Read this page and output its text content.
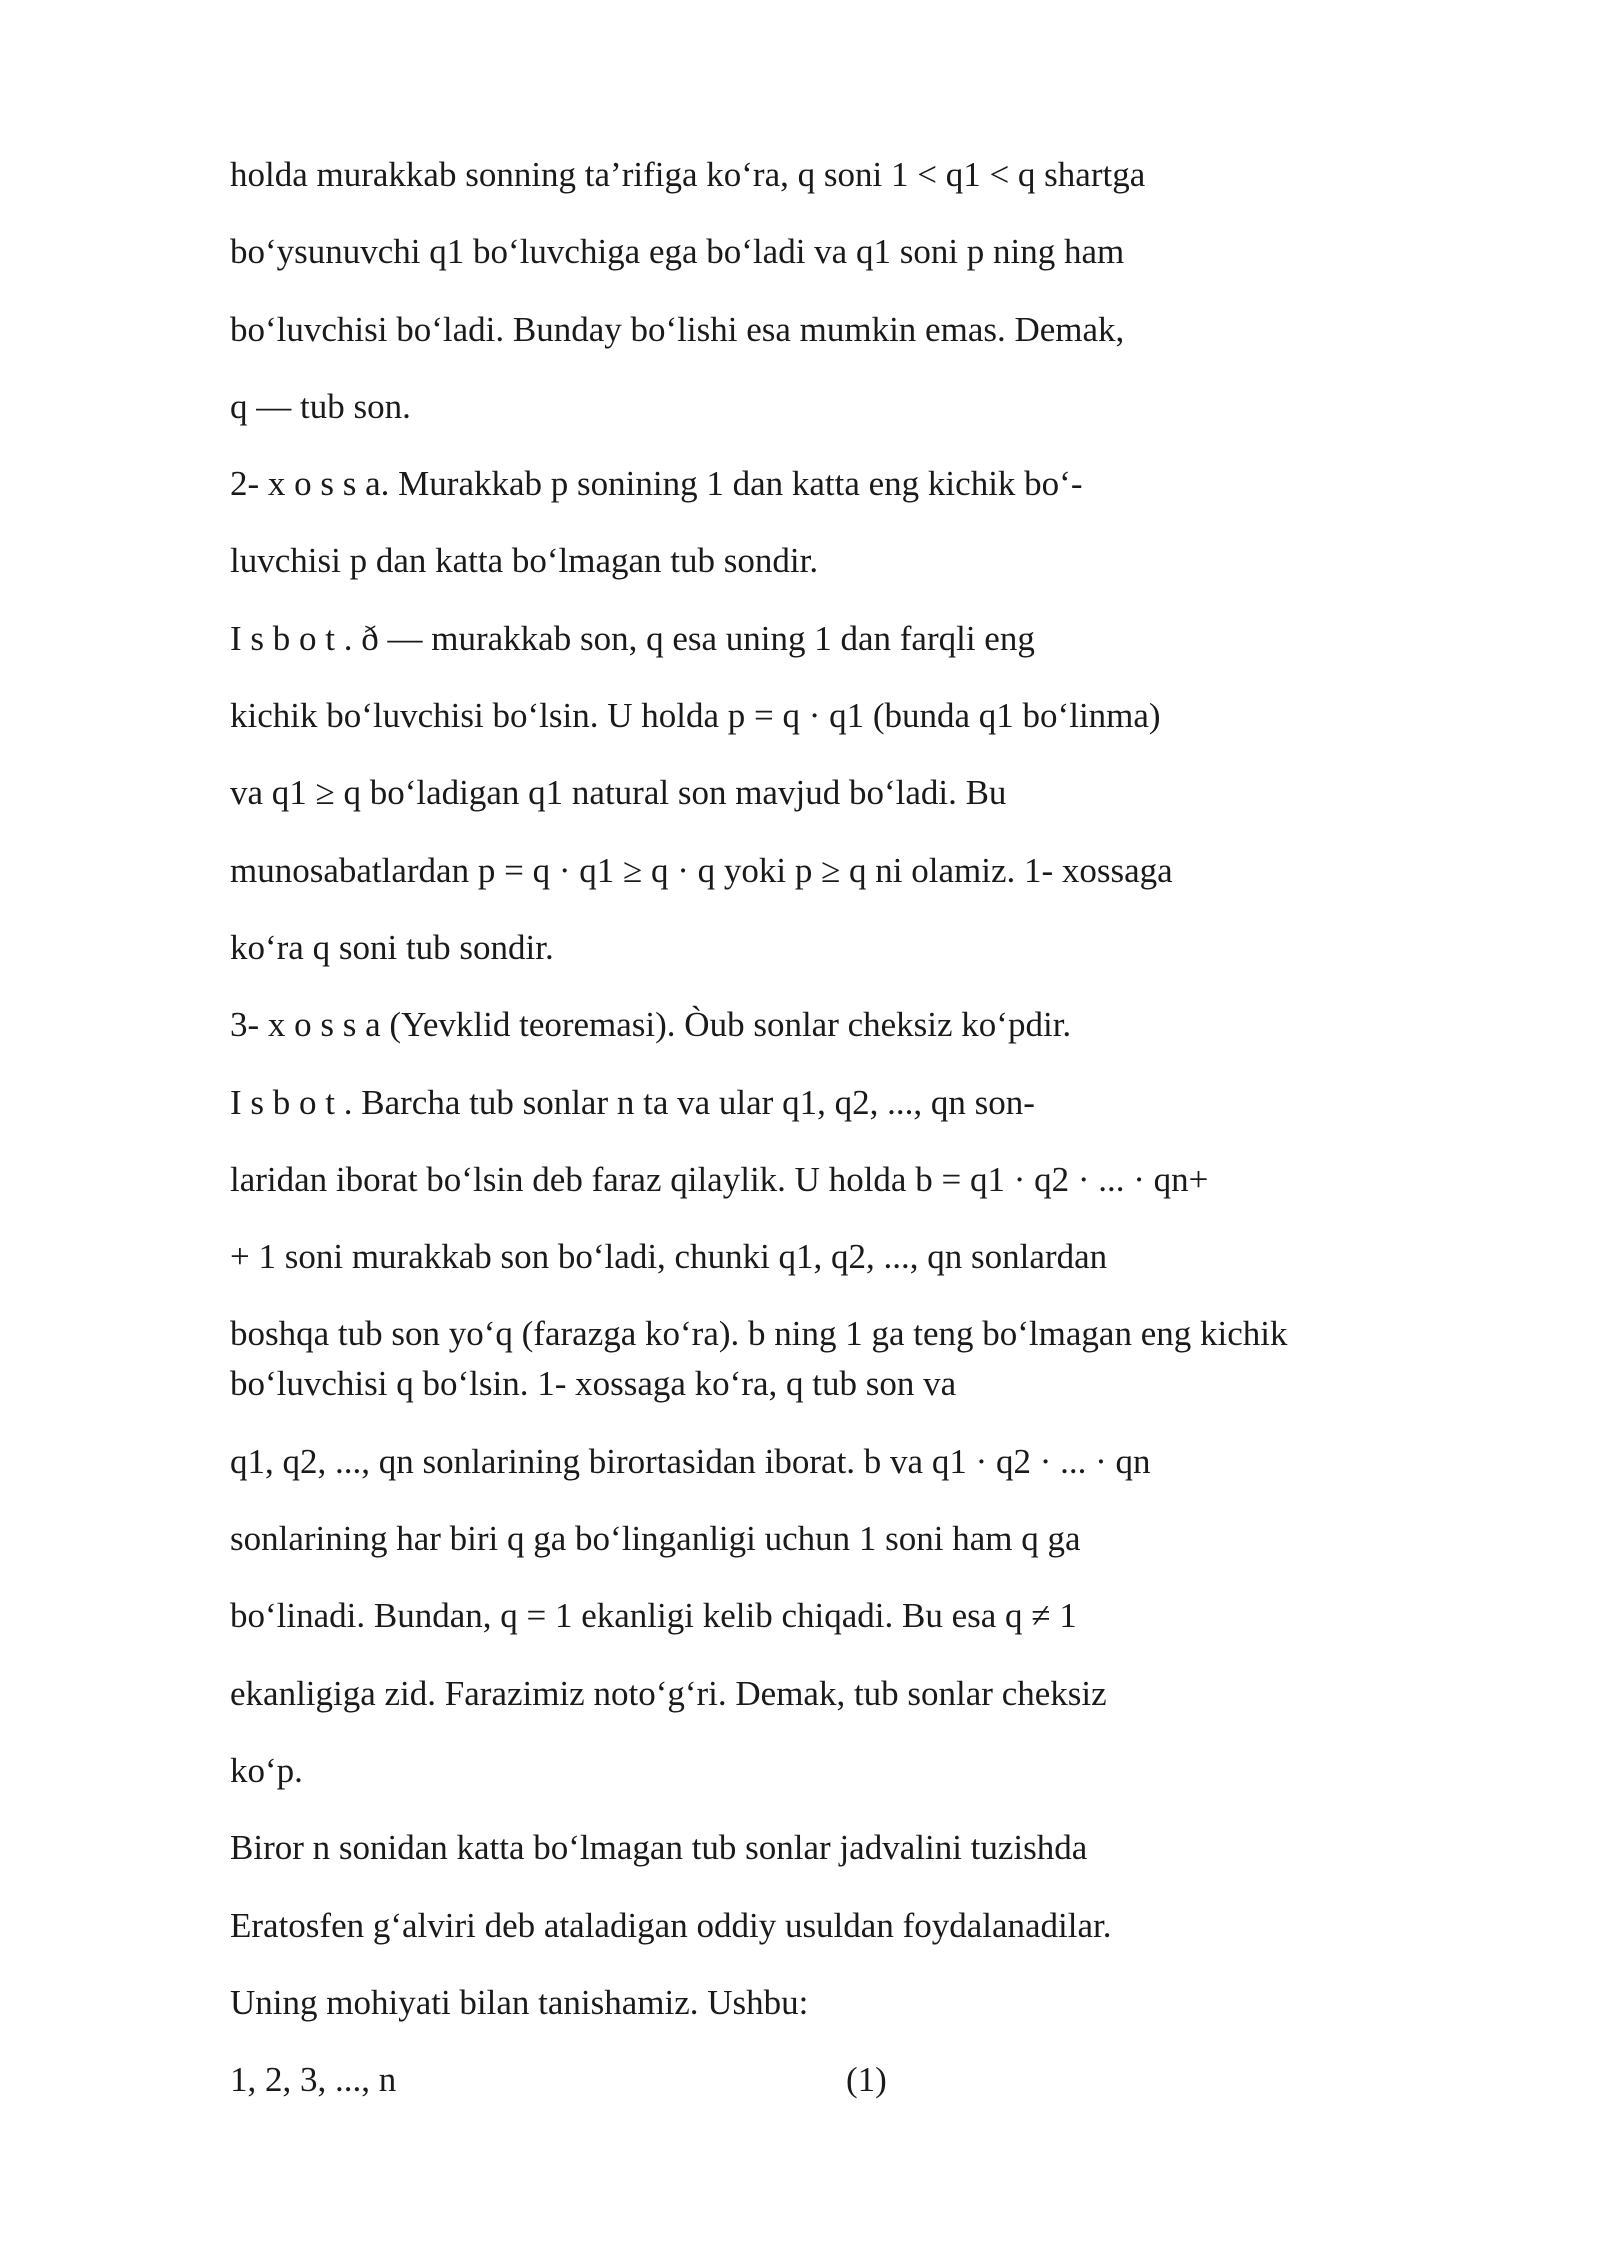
holda murakkab sonning ta’rifiga ko‘ra, q soni 1 < q1 < q shartga
bo‘ysunuvchi q1 bo‘luvchiga ega bo‘ladi va q1 soni p ning ham
bo‘luvchisi bo‘ladi. Bunday bo‘lishi esa mumkin emas. Demak,
q — tub son.
2- x o s s a. Murakkab p sonining 1 dan katta eng kichik bo‘-
luvchisi p dan katta bo‘lmagan tub sondir.
I s b o t . ð — murakkab son, q esa uning 1 dan farqli eng
kichik bo‘luvchisi bo‘lsin. U holda p = q · q1 (bunda q1 bo‘linma)
va q1 ≥ q bo‘ladigan q1 natural son mavjud bo‘ladi. Bu
munosabatlardan p = q · q1 ≥ q · q yoki p ≥ q ni olamiz. 1- xossaga
ko‘ra q soni tub sondir.
3- x o s s a (Yevklid teoremasi). Òub sonlar cheksiz ko‘pdir.
I s b o t . Barcha tub sonlar n ta va ular q1, q2, ..., qn son-
laridan iborat bo‘lsin deb faraz qilaylik. U holda b = q1 · q2 · ... · qn+
+ 1 soni murakkab son bo‘ladi, chunki q1, q2, ..., qn sonlardan
boshqa tub son yo‘q (farazga ko‘ra). b ning 1 ga teng bo‘lmagan eng kichik bo‘luvchisi q bo‘lsin. 1- xossaga ko‘ra, q tub son va
q1, q2, ..., qn sonlarining birortasidan iborat. b va q1 · q2 · ... · qn
sonlarining har biri q ga bo‘linganligi uchun 1 soni ham q ga
bo‘linadi. Bundan, q = 1 ekanligi kelib chiqadi. Bu esa q ≠ 1
ekanligiga zid. Farazimiz noto‘g‘ri. Demak, tub sonlar cheksiz
ko‘p.
Biror n sonidan katta bo‘lmagan tub sonlar jadvalini tuzishda
Eratosfen g‘alviri deb ataladigan oddiy usuldan foydalanadilar.
Uning mohiyati bilan tanishamiz. Ushbu:
1, 2, 3, ..., n	(1)
